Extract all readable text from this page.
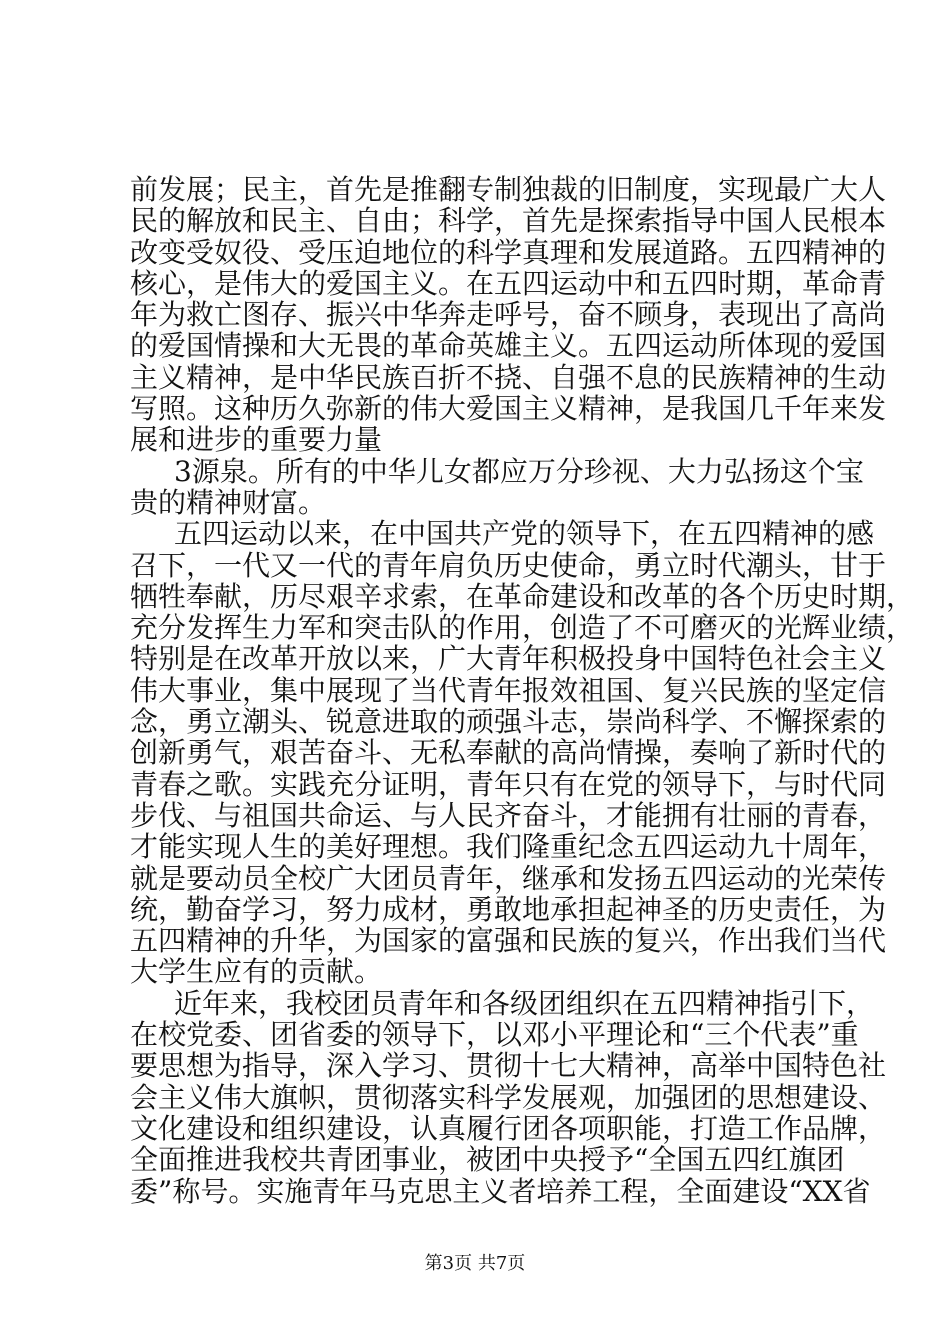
前发展；民主，首先是推翻专制独裁的旧制度，实现最广大人
民的解放和民主、自由；科学，首先是探索指导中国人民根本
改变受奴役、受压迫地位的科学真理和发展道路。五四精神的
核心，是伟大的爱国主义。在五四运动中和五四时期，革命青
年为救亡图存、振兴中华奔走呼号，奋不顾身，表现出了高尚
的爱国情操和大无畏的革命英雄主义。五四运动所体现的爱国
主义精神，是中华民族百折不挠、自强不息的民族精神的生动
写照。这种历久弥新的伟大爱国主义精神，是我国几千年来发
展和进步的重要力量
3源泉。所有的中华儿女都应万分珍视、大力弘扬这个宝
贵的精神财富。
五四运动以来，在中国共产党的领导下，在五四精神的感
召下，一代又一代的青年肩负历史使命，勇立时代潮头，甘于
牺牲奉献，历尽艰辛求索，在革命建设和改革的各个历史时期，
充分发挥生力军和突击队的作用，创造了不可磨灭的光辉业绩，
特别是在改革开放以来，广大青年积极投身中国特色社会主义
伟大事业，集中展现了当代青年报效祖国、复兴民族的坚定信
念，勇立潮头、锐意进取的顽强斗志，崇尚科学、不懈探索的
创新勇气，艰苦奋斗、无私奉献的高尚情操，奏响了新时代的
青春之歌。实践充分证明，青年只有在党的领导下，与时代同
步伐、与祖国共命运、与人民齐奋斗，才能拥有壮丽的青春，
才能实现人生的美好理想。我们隆重纪念五四运动九十周年，
就是要动员全校广大团员青年，继承和发扬五四运动的光荣传
统，勤奋学习，努力成材，勇敢地承担起神圣的历史责任，为
五四精神的升华，为国家的富强和民族的复兴，作出我们当代
大学生应有的贡献。
近年来，我校团员青年和各级团组织在五四精神指引下，
在校党委、团省委的领导下，以邓小平理论和“三个代表”重
要思想为指导，深入学习、贯彻十七大精神，高举中国特色社
会主义伟大旗帜，贯彻落实科学发展观，加强团的思想建设、
文化建设和组织建设，认真履行团各项职能，打造工作品牌，
全面推进我校共青团事业，被团中央授予“全国五四红旗团
委”称号。实施青年马克思主义者培养工程，全面建设“XX省
第3页 共7页
